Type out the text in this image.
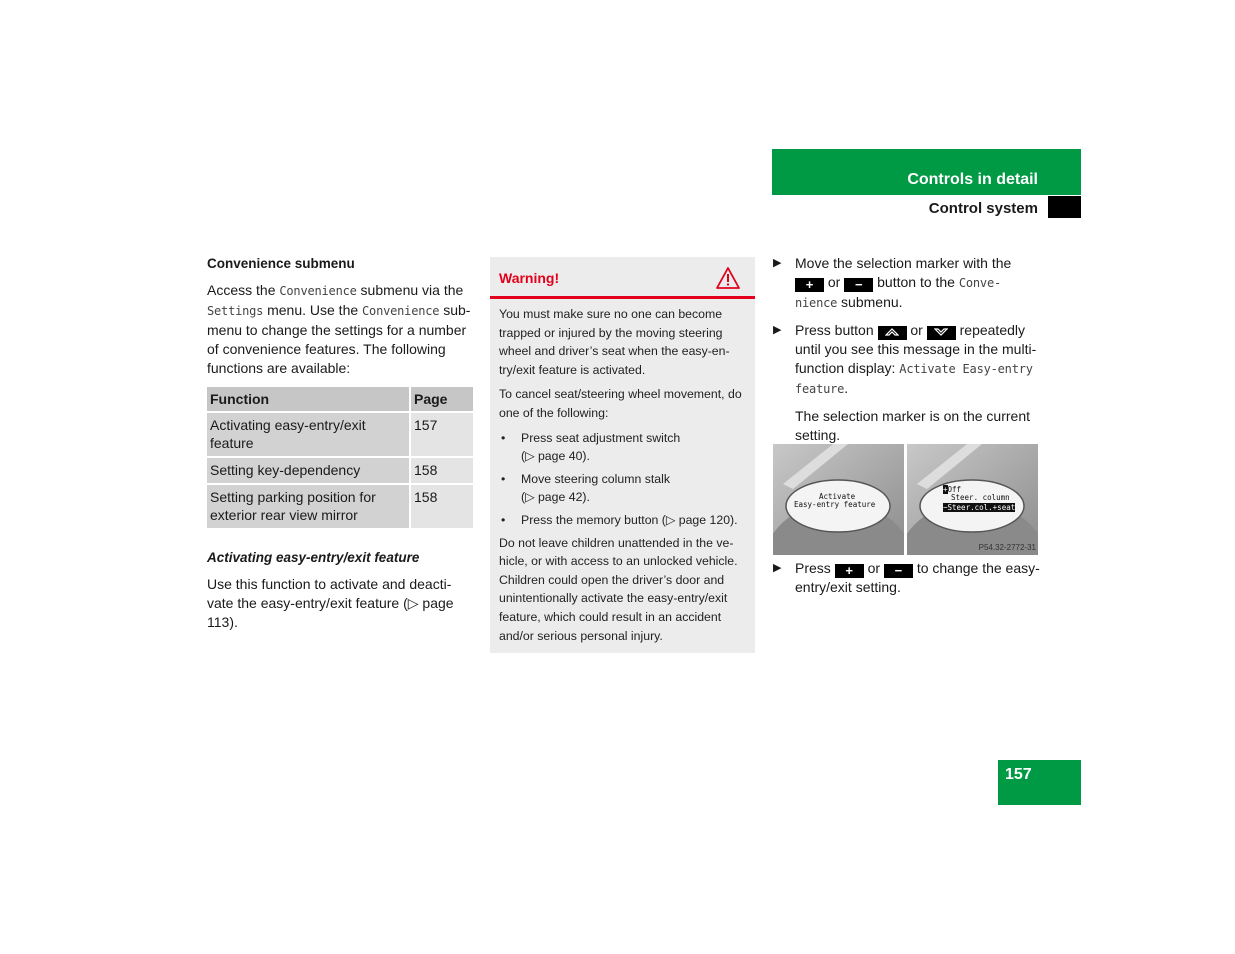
Controls in detail
Control system
Convenience submenu
Access the Convenience submenu via the Settings menu. Use the Convenience sub-menu to change the settings for a number of convenience features. The following functions are available:
Function	Page
Activating easy-entry/exit feature	157
Setting key-dependency	158
Setting parking position for exterior rear view mirror	158
Activating easy-entry/exit feature
Use this function to activate and deacti-vate the easy-entry/exit feature (▷ page 113).
Warning!

You must make sure no one can become trapped or injured by the moving steering wheel and driver’s seat when the easy-en-try/exit feature is activated.

To cancel seat/steering wheel movement, do one of the following:

• Press seat adjustment switch
(▷ page 40).
• Move steering column stalk
(▷ page 42).
• Press the memory button (▷ page 120).

Do not leave children unattended in the ve-hicle, or with access to an unlocked vehicle. Children could open the driver’s door and unintentionally activate the easy-entry/exit feature, which could result in an accident and/or serious personal injury.

▶ Move the selection marker with the
+ or − button to the Conve-
nience submenu.
▶ Press button	or	repeatedly until you see this message in the multi-function display: Activate Easy-entry feature.
The selection marker is on the current setting.
Activate
Easy-entry feature
+Off
Steer. column
−Steer.col.+seat
P54.32-2772-31
▶ Press + or − to change the easy-entry/exit setting.
157
